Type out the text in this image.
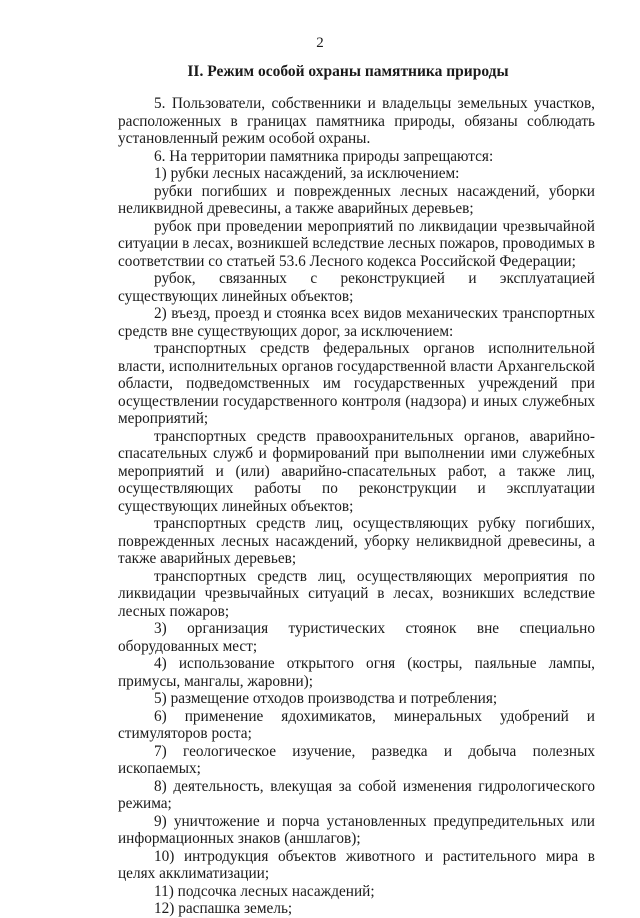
2
II. Режим особой охраны памятника природы

5. Пользователи, собственники и владельцы земельных участков, расположенных в границах памятника природы, обязаны соблюдать установленный режим особой охраны.

6. На территории памятника природы запрещаются:

1) рубки лесных насаждений, за исключением:

рубки погибших и поврежденных лесных насаждений, уборки неликвидной древесины, а также аварийных деревьев;

рубок при проведении мероприятий по ликвидации чрезвычайной ситуации в лесах, возникшей вследствие лесных пожаров, проводимых в соответствии со статьей 53.6 Лесного кодекса Российской Федерации;

рубок, связанных с реконструкцией и эксплуатацией существующих линейных объектов;

2) въезд, проезд и стоянка всех видов механических транспортных средств вне существующих дорог, за исключением:

транспортных средств федеральных органов исполнительной власти, исполнительных органов государственной власти Архангельской области, подведомственных им государственных учреждений при осуществлении государственного контроля (надзора) и иных служебных мероприятий;

транспортных средств правоохранительных органов, аварийно-спасательных служб и формирований при выполнении ими служебных мероприятий и (или) аварийно-спасательных работ, а также лиц, осуществляющих работы по реконструкции и эксплуатации существующих линейных объектов;

транспортных средств лиц, осуществляющих рубку погибших, поврежденных лесных насаждений, уборку неликвидной древесины, а также аварийных деревьев;

транспортных средств лиц, осуществляющих мероприятия по ликвидации чрезвычайных ситуаций в лесах, возникших вследствие лесных пожаров;

3) организация туристических стоянок вне специально оборудованных мест;

4) использование открытого огня (костры, паяльные лампы, примусы, мангалы, жаровни);

5) размещение отходов производства и потребления;

6) применение ядохимикатов, минеральных удобрений и стимуляторов роста;

7) геологическое изучение, разведка и добыча полезных ископаемых;

8) деятельность, влекущая за собой изменения гидрологического режима;

9) уничтожение и порча установленных предупредительных или информационных знаков (аншлагов);

10) интродукция объектов животного и растительного мира в целях акклиматизации;

11) подсочка лесных насаждений;

12) распашка земель;
